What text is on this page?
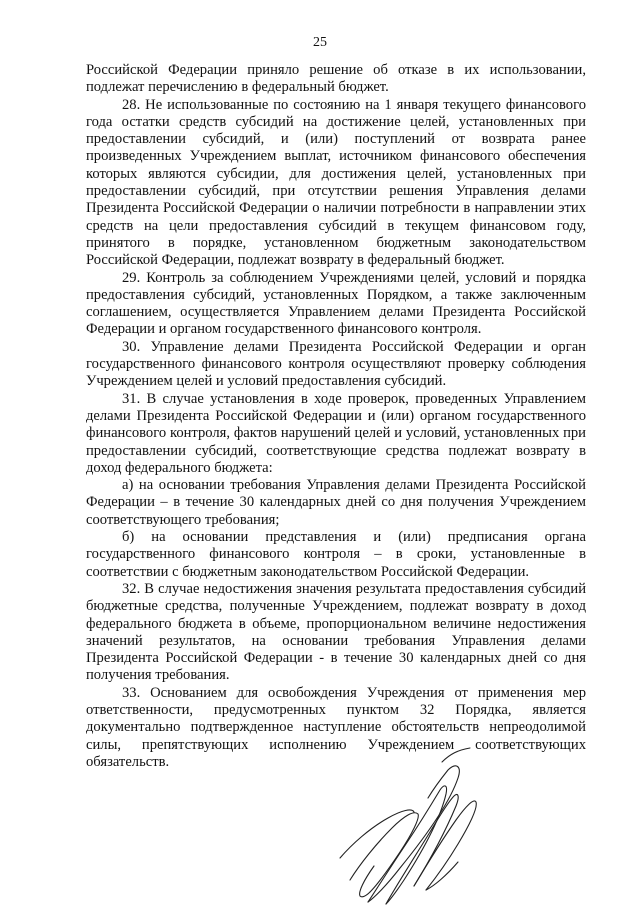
25

Российской Федерации приняло решение об отказе в их использовании, подлежат перечислению в федеральный бюджет.

28. Не использованные по состоянию на 1 января текущего финансового года остатки средств субсидий на достижение целей, установленных при предоставлении субсидий, и (или) поступлений от возврата ранее произведенных Учреждением выплат, источником финансового обеспечения которых являются субсидии, для достижения целей, установленных при предоставлении субсидий, при отсутствии решения Управления делами Президента Российской Федерации о наличии потребности в направлении этих средств на цели предоставления субсидий в текущем финансовом году, принятого в порядке, установленном бюджетным законодательством Российской Федерации, подлежат возврату в федеральный бюджет.

29. Контроль за соблюдением Учреждениями целей, условий и порядка предоставления субсидий, установленных Порядком, а также заключенным соглашением, осуществляется Управлением делами Президента Российской Федерации и органом государственного финансового контроля.

30. Управление делами Президента Российской Федерации и орган государственного финансового контроля осуществляют проверку соблюдения Учреждением целей и условий предоставления субсидий.

31. В случае установления в ходе проверок, проведенных Управлением делами Президента Российской Федерации и (или) органом государственного финансового контроля, фактов нарушений целей и условий, установленных при предоставлении субсидий, соответствующие средства подлежат возврату в доход федерального бюджета:

а) на основании требования Управления делами Президента Российской Федерации – в течение 30 календарных дней со дня получения Учреждением соответствующего требования;

б) на основании представления и (или) предписания органа государственного финансового контроля – в сроки, установленные в соответствии с бюджетным законодательством Российской Федерации.

32. В случае недостижения значения результата предоставления субсидий бюджетные средства, полученные Учреждением, подлежат возврату в доход федерального бюджета в объеме, пропорциональном величине недостижения значений результатов, на основании требования Управления делами Президента Российской Федерации - в течение 30 календарных дней со дня получения требования.

33. Основанием для освобождения Учреждения от применения мер ответственности, предусмотренных пунктом 32 Порядка, является документально подтвержденное наступление обстоятельств непреодолимой силы, препятствующих исполнению Учреждением соответствующих обязательств.
